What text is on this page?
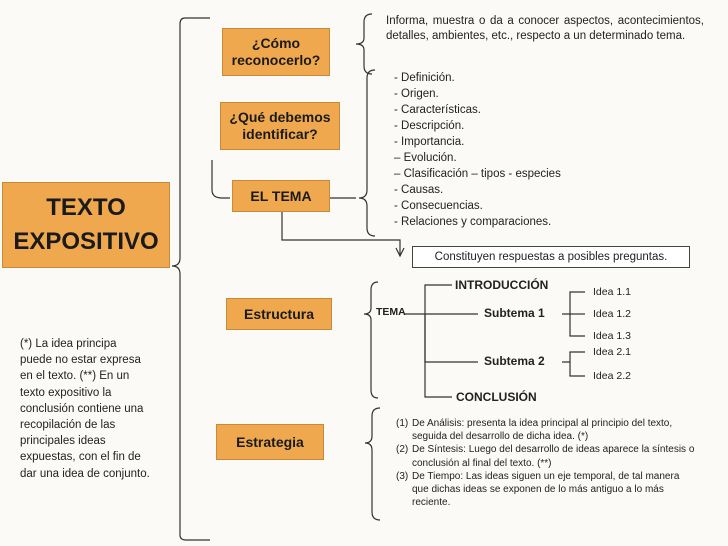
TEXTO
EXPOSITIVO
¿Cómo reconocerlo?
¿Qué debemos identificar?
EL TEMA
Estructura
Estrategia
Informa, muestra o da a conocer aspectos, acontecimientos, detalles, ambientes, etc., respecto a un determinado tema.
- Definición.
- Origen.
- Características.
- Descripción.
- Importancia.
– Evolución.
– Clasificación – tipos - especies
- Causas.
- Consecuencias.
- Relaciones y comparaciones.
Constituyen respuestas a posibles preguntas.
TEMA
INTRODUCCIÓN
Subtema 1
Subtema 2
CONCLUSIÓN
Idea 1.1
Idea 1.2
Idea 1.3
Idea 2.1
Idea 2.2
(*) La idea principa puede no estar expresa en el texto. (**) En un texto expositivo la conclusión contiene una recopilación de las principales ideas expuestas, con el fin de dar una idea de conjunto.
(1) De Análisis: presenta la idea principal al principio del texto, seguida del desarrollo de dicha idea. (*)
(2) De Síntesis: Luego del desarrollo de ideas aparece la síntesis o conclusión al final del texto. (**)
(3) De Tiempo: Las ideas siguen un eje temporal, de tal manera que dichas ideas se exponen de lo más antiguo a lo más reciente.
